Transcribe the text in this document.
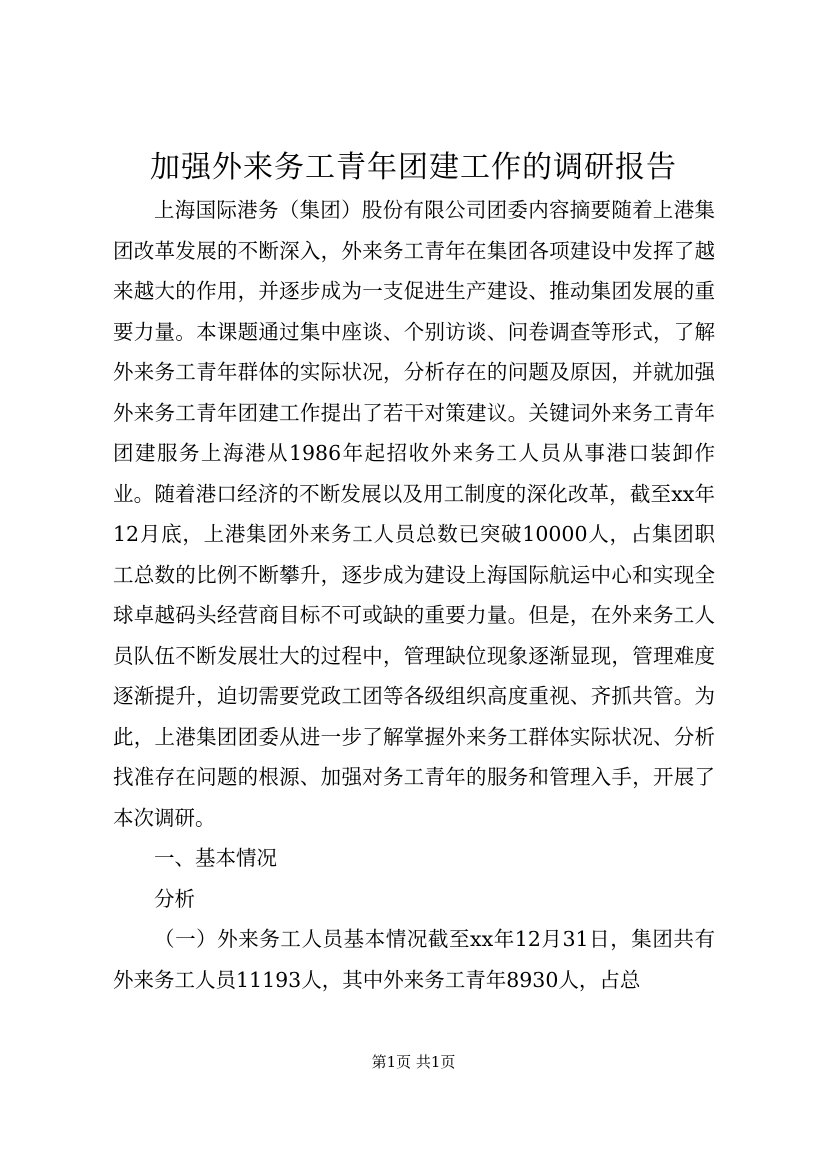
加强外来务工青年团建工作的调研报告

上海国际港务（集团）股份有限公司团委内容摘要随着上港集团改革发展的不断深入，外来务工青年在集团各项建设中发挥了越来越大的作用，并逐步成为一支促进生产建设、推动集团发展的重要力量。本课题通过集中座谈、个别访谈、问卷调查等形式，了解外来务工青年群体的实际状况，分析存在的问题及原因，并就加强外来务工青年团建工作提出了若干对策建议。关键词外来务工青年团建服务上海港从1986年起招收外来务工人员从事港口装卸作业。随着港口经济的不断发展以及用工制度的深化改革，截至xx年12月底，上港集团外来务工人员总数已突破10000人，占集团职工总数的比例不断攀升，逐步成为建设上海国际航运中心和实现全球卓越码头经营商目标不可或缺的重要力量。但是，在外来务工人员队伍不断发展壮大的过程中，管理缺位现象逐渐显现，管理难度逐渐提升，迫切需要党政工团等各级组织高度重视、齐抓共管。为此，上港集团团委从进一步了解掌握外来务工群体实际状况、分析找准存在问题的根源、加强对务工青年的服务和管理入手，开展了本次调研。

一、基本情况

分析

（一）外来务工人员基本情况截至xx年12月31日，集团共有外来务工人员11193人，其中外来务工青年8930人，占总

第1页 共1页
